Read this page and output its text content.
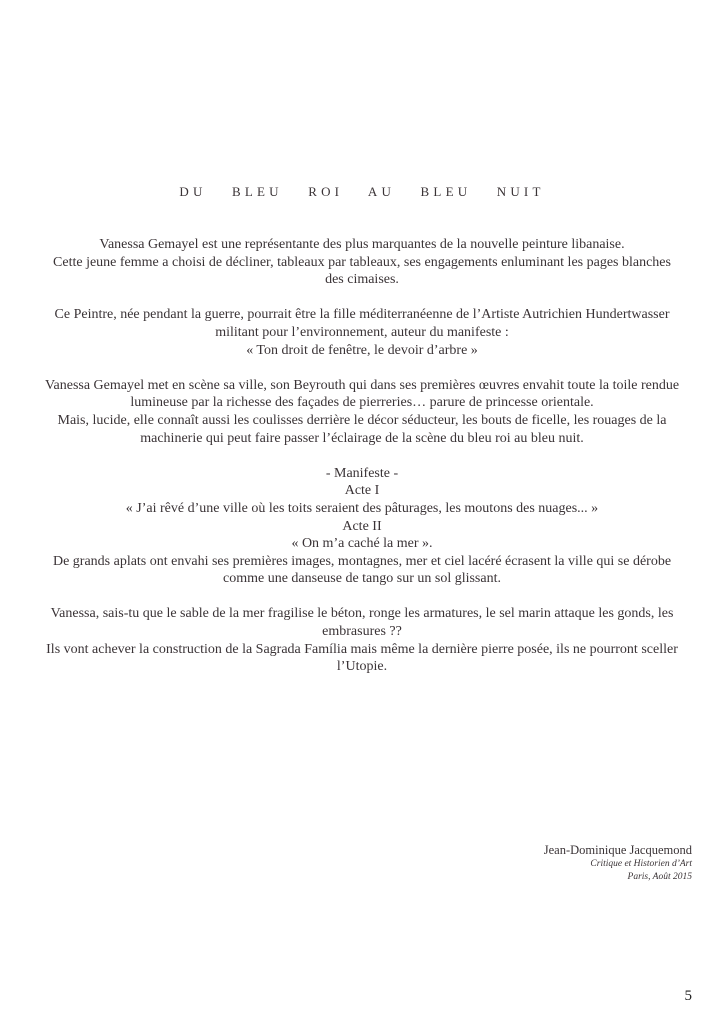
DU BLEU ROI AU BLEU NUIT

Vanessa Gemayel est une représentante des plus marquantes de la nouvelle peinture libanaise.
Cette jeune femme a choisi de décliner, tableaux par tableaux, ses engagements enluminant les pages blanches
des cimaises.

Ce Peintre, née pendant la guerre, pourrait être la fille méditerranéenne de l’Artiste Autrichien Hundertwasser
militant pour l’environnement, auteur du manifeste :
« Ton droit de fenêtre, le devoir d’arbre »

Vanessa Gemayel met en scène sa ville, son Beyrouth qui dans ses premières œuvres envahit toute la toile rendue
lumineuse par la richesse des façades de pierreries… parure de princesse orientale.
Mais, lucide, elle connaît aussi les coulisses derrière le décor séducteur, les bouts de ficelle, les rouages de la
machinerie qui peut faire passer l’éclairage de la scène du bleu roi au bleu nuit.

- Manifeste -
Acte I
« J’ai rêvé d’une ville où les toits seraient des pâturages, les moutons des nuages... »
Acte II
« On m’a caché la mer ».
De grands aplats ont envahi ses premières images, montagnes, mer et ciel lacéré écrasent la ville qui se dérobe
comme une danseuse de tango sur un sol glissant.

Vanessa, sais-tu que le sable de la mer fragilise le béton, ronge les armatures, le sel marin attaque les gonds, les
embrasures ??
Ils vont achever la construction de la Sagrada Família mais même la dernière pierre posée, ils ne pourront sceller
l’Utopie.

Jean-Dominique Jacquemond
Critique et Historien d’Art
Paris, Août 2015
5
